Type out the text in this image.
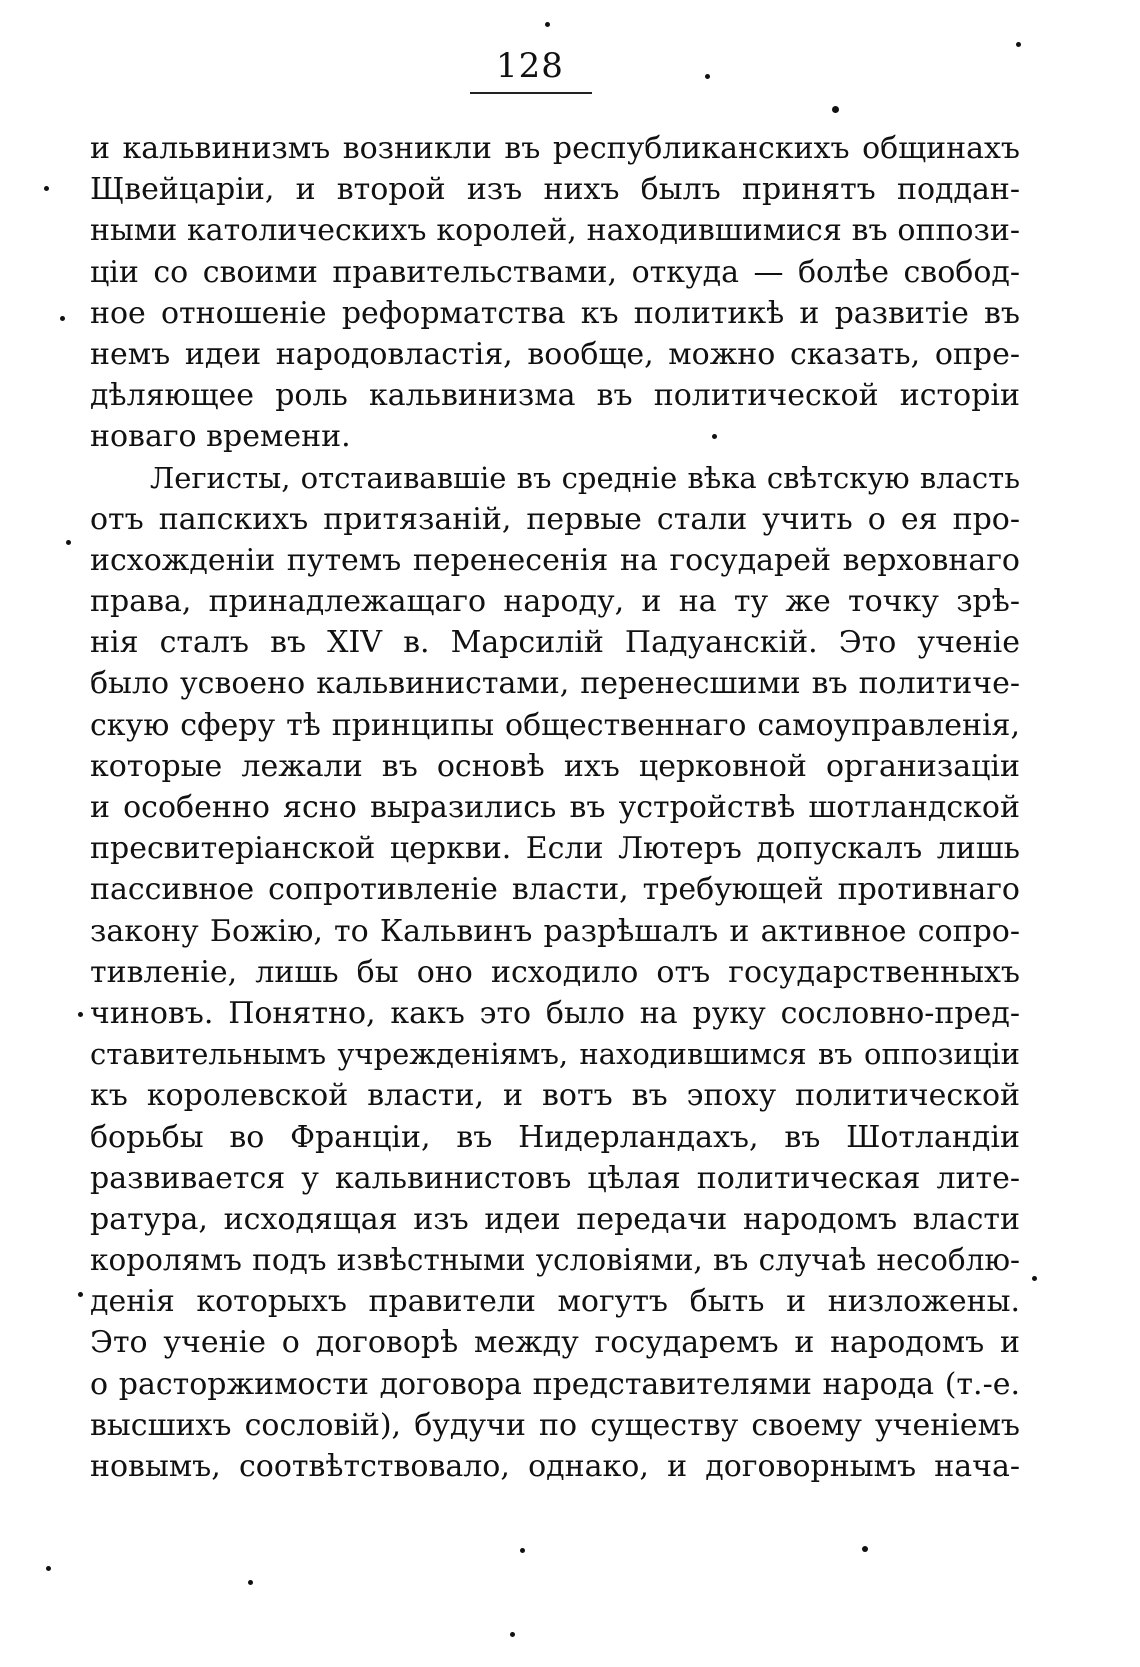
128
и кальвинизмъ возникли въ республиканскихъ общинахъ
Щвейцаріи, и второй изъ нихъ былъ принятъ поддан-
ными католическихъ королей, находившимися въ оппози-
ціи со своими правительствами, откуда — болѣе свобод-
ное отношеніе реформатства къ политикѣ и развитіе въ
немъ идеи народовластія, вообще, можно сказать, опре-
дѣляющее роль кальвинизма въ политической исторіи
новаго времени.
Легисты, отстаивавшіе въ средніе вѣка свѣтскую власть
отъ папскихъ притязаній, первые стали учить о ея про-
исхожденіи путемъ перенесенія на государей верховнаго
права, принадлежащаго народу, и на ту же точку зрѣ-
нія сталъ въ XIV в. Марсилій Падуанскій. Это ученіе
было усвоено кальвинистами, перенесшими въ политиче-
скую сферу тѣ принципы общественнаго самоуправленія,
которые лежали въ основѣ ихъ церковной организаціи
и особенно ясно выразились въ устройствѣ шотландской
пресвитеріанской церкви. Если Лютеръ допускалъ лишь
пассивное сопротивленіе власти, требующей противнаго
закону Божію, то Кальвинъ разрѣшалъ и активное сопро-
тивленіе, лишь бы оно исходило отъ государственныхъ
чиновъ. Понятно, какъ это было на руку сословно-пред-
ставительнымъ учрежденіямъ, находившимся въ оппозиціи
къ королевской власти, и вотъ въ эпоху политической
борьбы во Франціи, въ Нидерландахъ, въ Шотландіи
развивается у кальвинистовъ цѣлая политическая лите-
ратура, исходящая изъ идеи передачи народомъ власти
королямъ подъ извѣстными условіями, въ случаѣ несоблю-
денія которыхъ правители могутъ быть и низложены.
Это ученіе о договорѣ между государемъ и народомъ и
о расторжимости договора представителями народа (т.-е.
высшихъ сословій), будучи по существу своему ученіемъ
новымъ, соотвѣтствовало, однако, и договорнымъ нача-
